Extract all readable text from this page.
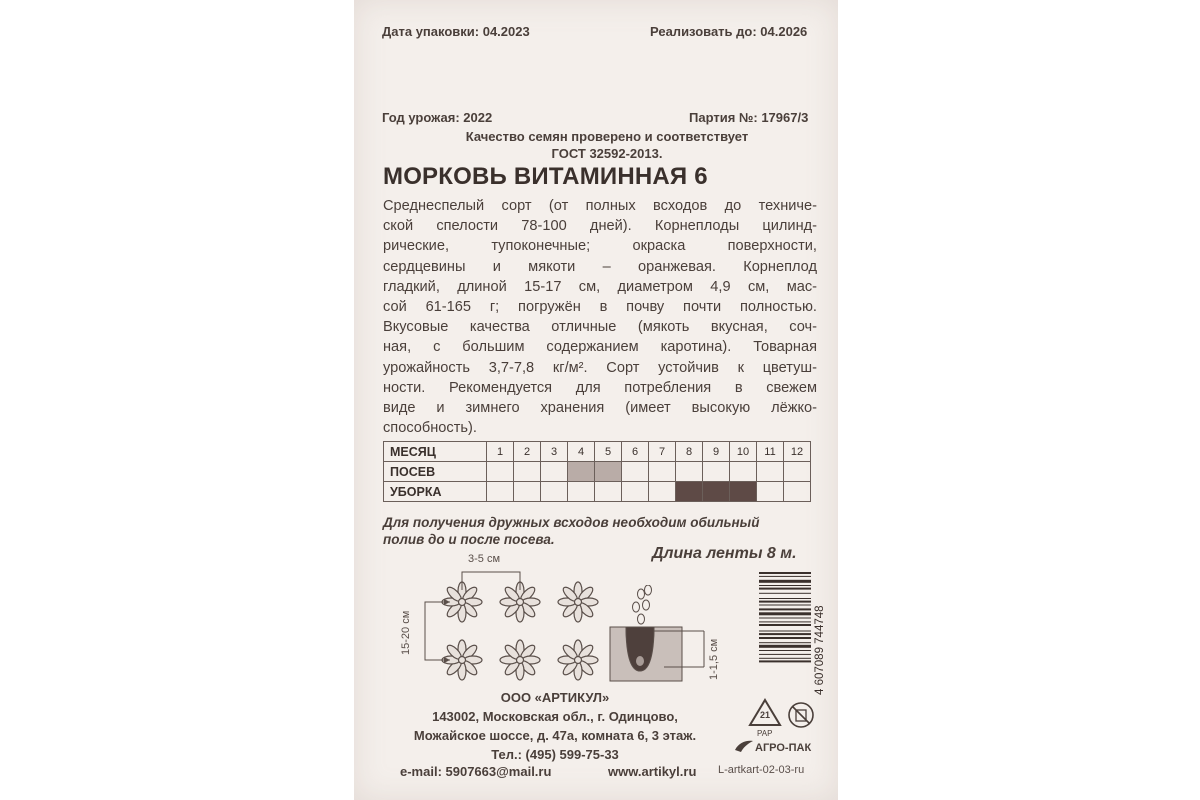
Дата упаковки: 04.2023	Реализовать до: 04.2026
Год урожая: 2022	Партия №: 17967/3
Качество семян проверено и соответствует
ГОСТ 32592-2013.
МОРКОВЬ ВИТАМИННАЯ 6
Среднеспелый сорт (от полных всходов до техниче-
ской спелости 78-100 дней). Корнеплоды цилинд-
рические, тупоконечные; окраска поверхности,
сердцевины и мякоти – оранжевая. Корнеплод
гладкий, длиной 15-17 см, диаметром 4,9 см, мас-
сой 61-165 г; погружён в почву почти полностью.
Вкусовые качества отличные (мякоть вкусная, соч-
ная, с большим содержанием каротина). Товарная
урожайность 3,7-7,8 кг/м². Сорт устойчив к цветуш-
ности. Рекомендуется для потребления в свежем
виде и зимнего хранения (имеет высокую лёжко-
способность).
МЕСЯЦ	1	2	3	4	5	6	7	8	9	10	11	12
ПОСЕВ												
УБОРКА												
Для получения дружных всходов необходим обильный
полив до и после посева.
Длина ленты 8 м.
3-5 см
15-20 см
1-1,5 см	4 607089 744748
ООО «АРТИКУЛ»
143002, Московская обл., г. Одинцово,
Можайское шоссе, д. 47а, комната 6, 3 этаж.
Тел.: (495) 599-75-33
e-mail: 5907663@mail.ru	www.artikyl.ru
21
PAP
АГРО-ПАК
L-artkart-02-03-ru
